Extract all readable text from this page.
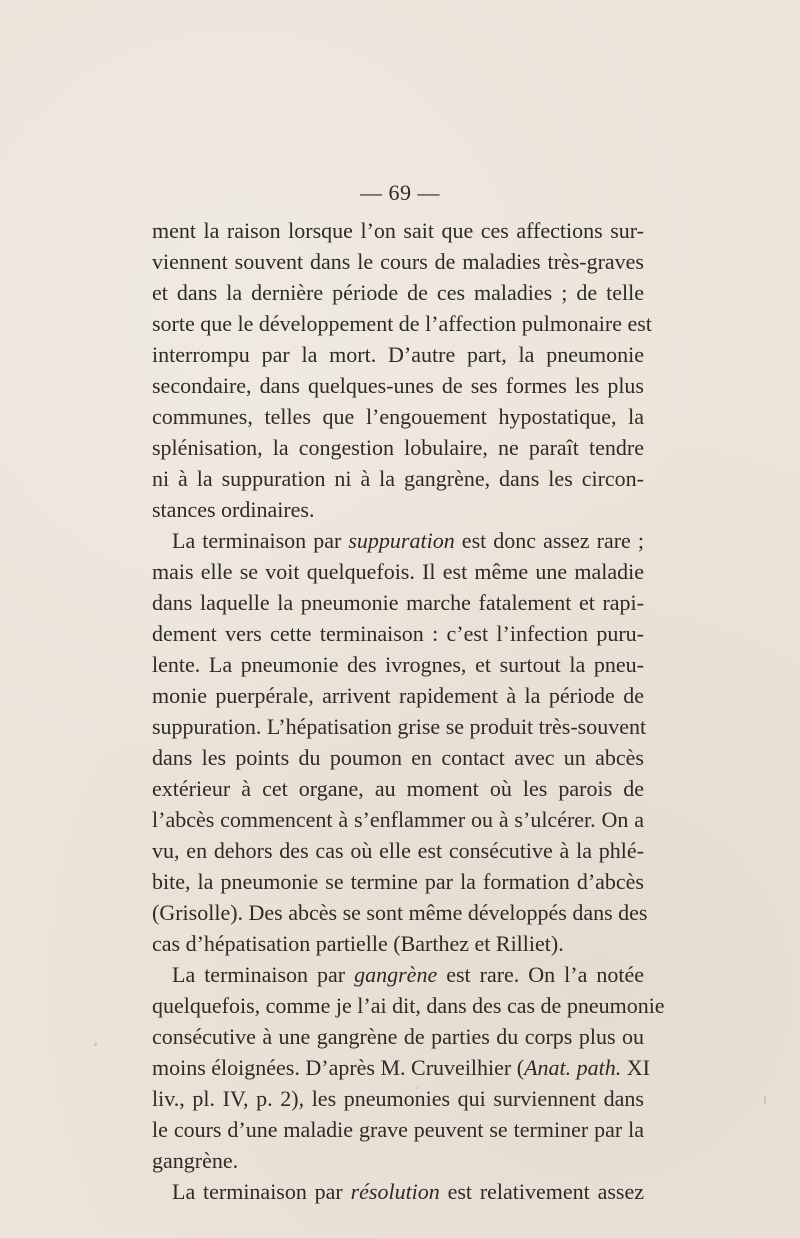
— 69 —
ment la raison lorsque l’on sait que ces affections sur-
viennent souvent dans le cours de maladies très-graves
et dans la dernière période de ces maladies ; de telle
sorte que le développement de l’affection pulmonaire est
interrompu par la mort. D’autre part, la pneumonie
secondaire, dans quelques-unes de ses formes les plus
communes, telles que l’engouement hypostatique, la
splénisation, la congestion lobulaire, ne paraît tendre
ni à la suppuration ni à la gangrène, dans les circon-
stances ordinaires.
La terminaison par suppuration est donc assez rare ;
mais elle se voit quelquefois. Il est même une maladie
dans laquelle la pneumonie marche fatalement et rapi-
dement vers cette terminaison : c’est l’infection puru-
lente. La pneumonie des ivrognes, et surtout la pneu-
monie puerpérale, arrivent rapidement à la période de
suppuration. L’hépatisation grise se produit très-souvent
dans les points du poumon en contact avec un abcès
extérieur à cet organe, au moment où les parois de
l’abcès commencent à s’enflammer ou à s’ulcérer. On a
vu, en dehors des cas où elle est consécutive à la phlé-
bite, la pneumonie se termine par la formation d’abcès
(Grisolle). Des abcès se sont même développés dans des
cas d’hépatisation partielle (Barthez et Rilliet).
La terminaison par gangrène est rare. On l’a notée
quelquefois, comme je l’ai dit, dans des cas de pneumonie
consécutive à une gangrène de parties du corps plus ou
moins éloignées. D’après M. Cruveilhier (Anat. path. XI
liv., pl. IV, p. 2), les pneumonies qui surviennent dans
le cours d’une maladie grave peuvent se terminer par la
gangrène.
La terminaison par résolution est relativement assez
